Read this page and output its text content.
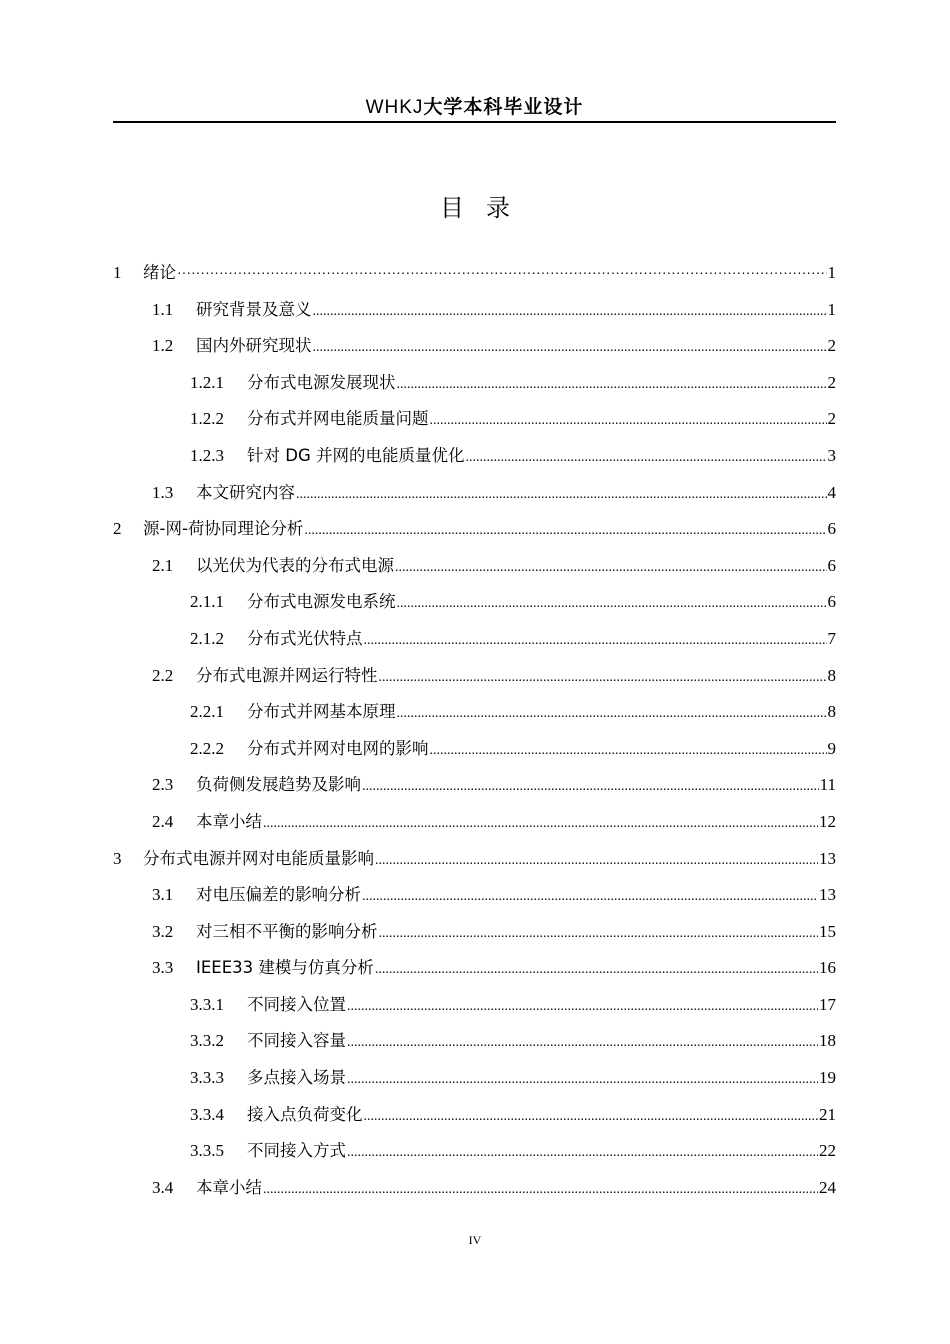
WHKJ大学本科毕业设计
目录
1	绪论 ·····	1
1.1	研究背景及意义 .....	1
1.2	国内外研究现状 .....	2
1.2.1	分布式电源发展现状 .....	2
1.2.2	分布式并网电能质量问题 .....	2
1.2.3	针对 DG 并网的电能质量优化 .....	3
1.3	本文研究内容 .....	4
2	源-网-荷协同理论分析 .....	6
2.1	以光伏为代表的分布式电源 .....	6
2.1.1	分布式电源发电系统 .....	6
2.1.2	分布式光伏特点 .....	7
2.2	分布式电源并网运行特性 .....	8
2.2.1	分布式并网基本原理 .....	8
2.2.2	分布式并网对电网的影响 .....	9
2.3	负荷侧发展趋势及影响 .....	11
2.4	本章小结 .....	12
3	分布式电源并网对电能质量影响 .....	13
3.1	对电压偏差的影响分析 .....	13
3.2	对三相不平衡的影响分析 .....	15
3.3	IEEE33 建模与仿真分析 .....	16
3.3.1	不同接入位置 .....	17
3.3.2	不同接入容量 .....	18
3.3.3	多点接入场景 .....	19
3.3.4	接入点负荷变化 .....	21
3.3.5	不同接入方式 .....	22
3.4	本章小结 .....	24
IV
